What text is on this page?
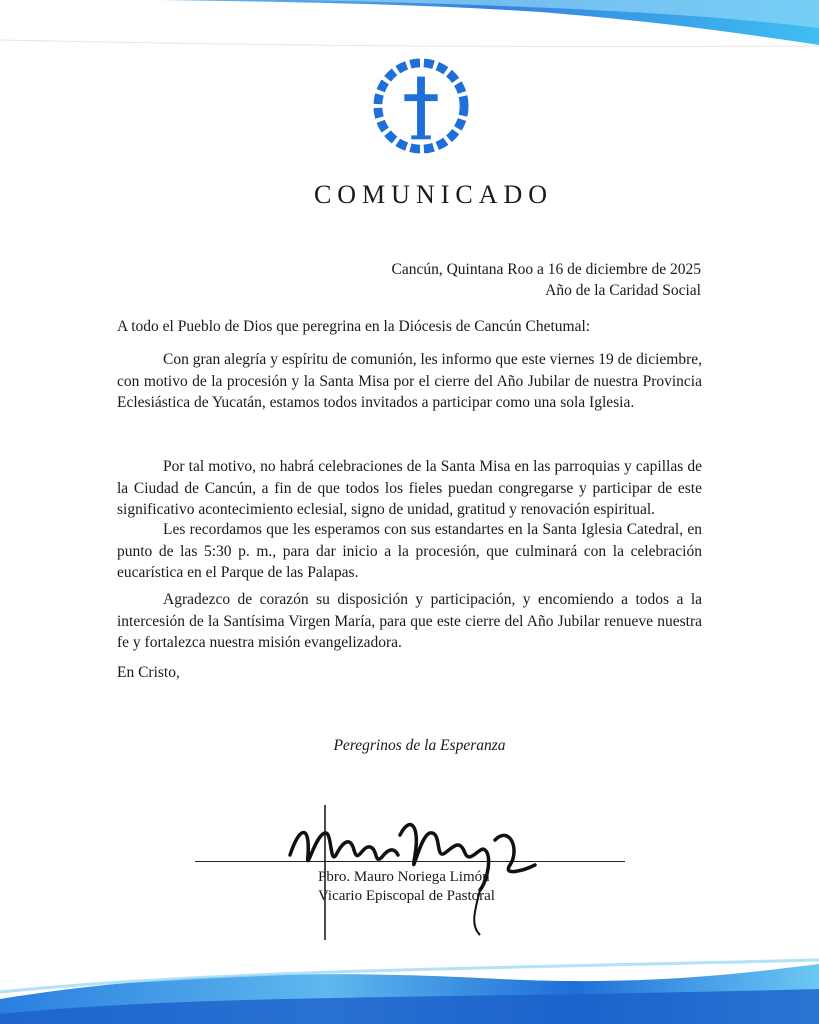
COMUNICADO
Cancún, Quintana Roo a 16 de diciembre de 2025
Año de la Caridad Social

A todo el Pueblo de Dios que peregrina en la Diócesis de Cancún Chetumal:

Con gran alegría y espíritu de comunión, les informo que este viernes 19 de diciembre, con motivo de la procesión y la Santa Misa por el cierre del Año Jubilar de nuestra Provincia Eclesiástica de Yucatán, estamos todos invitados a participar como una sola Iglesia.

Por tal motivo, no habrá celebraciones de la Santa Misa en las parroquias y capillas de la Ciudad de Cancún, a fin de que todos los fieles puedan congregarse y participar de este significativo acontecimiento eclesial, signo de unidad, gratitud y renovación espiritual.

Les recordamos que les esperamos con sus estandartes en la Santa Iglesia Catedral, en punto de las 5:30 p. m., para dar inicio a la procesión, que culminará con la celebración eucarística en el Parque de las Palapas.

Agradezco de corazón su disposición y participación, y encomiendo a todos a la intercesión de la Santísima Virgen María, para que este cierre del Año Jubilar renueve nuestra fe y fortalezca nuestra misión evangelizadora.

En Cristo,

Peregrinos de la Esperanza
Pbro. Mauro Noriega Limón
Vicario Episcopal de Pastoral
